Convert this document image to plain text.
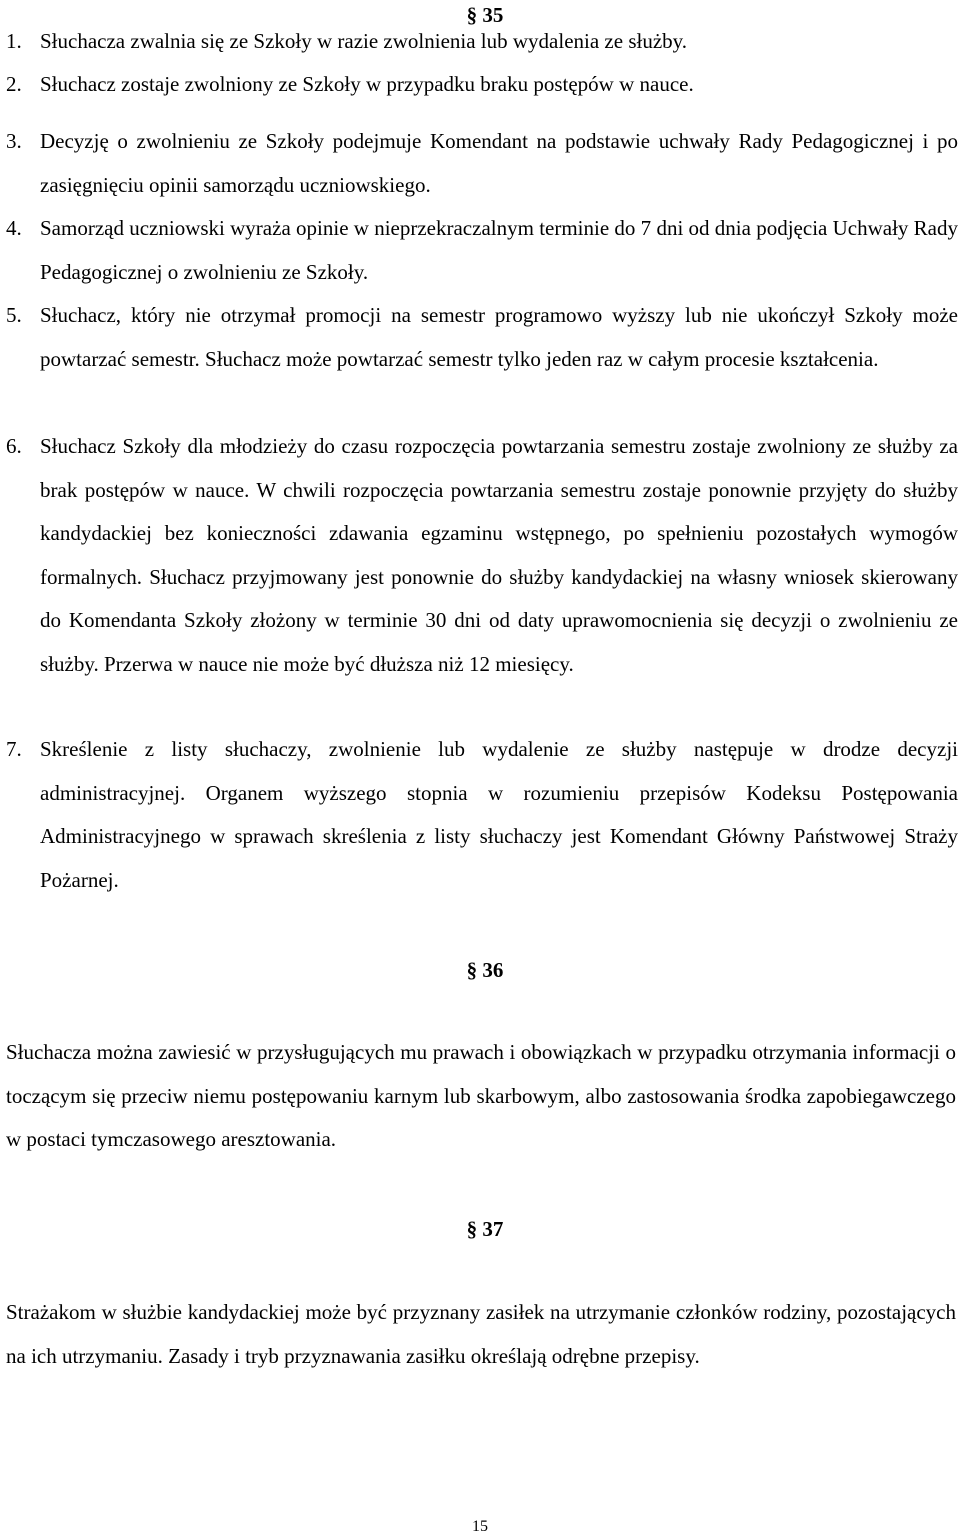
§ 35
1. Słuchacza zwalnia się ze Szkoły w razie zwolnienia lub wydalenia ze służby.
2. Słuchacz zostaje zwolniony ze Szkoły w przypadku braku postępów w nauce.
3. Decyzję o zwolnieniu ze Szkoły podejmuje Komendant na podstawie uchwały Rady Pedagogicznej i po zasięgnięciu opinii samorządu uczniowskiego.
4. Samorząd uczniowski wyraża opinie w nieprzekraczalnym terminie do 7 dni od dnia podjęcia Uchwały Rady Pedagogicznej o zwolnieniu ze Szkoły.
5. Słuchacz, który nie otrzymał promocji na semestr programowo wyższy lub nie ukończył Szkoły może powtarzać semestr. Słuchacz może powtarzać semestr tylko jeden raz w całym procesie kształcenia.
6. Słuchacz Szkoły dla młodzieży do czasu rozpoczęcia powtarzania semestru zostaje zwolniony ze służby za brak postępów w nauce. W chwili rozpoczęcia powtarzania semestru zostaje ponownie przyjęty do służby kandydackiej bez konieczności zdawania egzaminu wstępnego, po spełnieniu pozostałych wymogów formalnych. Słuchacz przyjmowany jest ponownie do służby kandydackiej na własny wniosek skierowany do Komendanta Szkoły złożony w terminie 30 dni od daty uprawomocnienia się decyzji o zwolnieniu ze służby. Przerwa w nauce nie może być dłuższa niż 12 miesięcy.
7. Skreślenie z listy słuchaczy, zwolnienie lub wydalenie ze służby następuje w drodze decyzji administracyjnej. Organem wyższego stopnia w rozumieniu przepisów Kodeksu Postępowania Administracyjnego w sprawach skreślenia z listy słuchaczy jest Komendant Główny Państwowej Straży Pożarnej.
§ 36
Słuchacza można zawiesić w przysługujących mu prawach i obowiązkach w przypadku otrzymania informacji o toczącym się przeciw niemu postępowaniu karnym lub skarbowym, albo zastosowania środka zapobiegawczego w postaci tymczasowego aresztowania.
§ 37
Strażakom w służbie kandydackiej może być przyznany zasiłek na utrzymanie członków rodziny, pozostających na ich utrzymaniu. Zasady i tryb przyznawania zasiłku określają odrębne przepisy.
15
